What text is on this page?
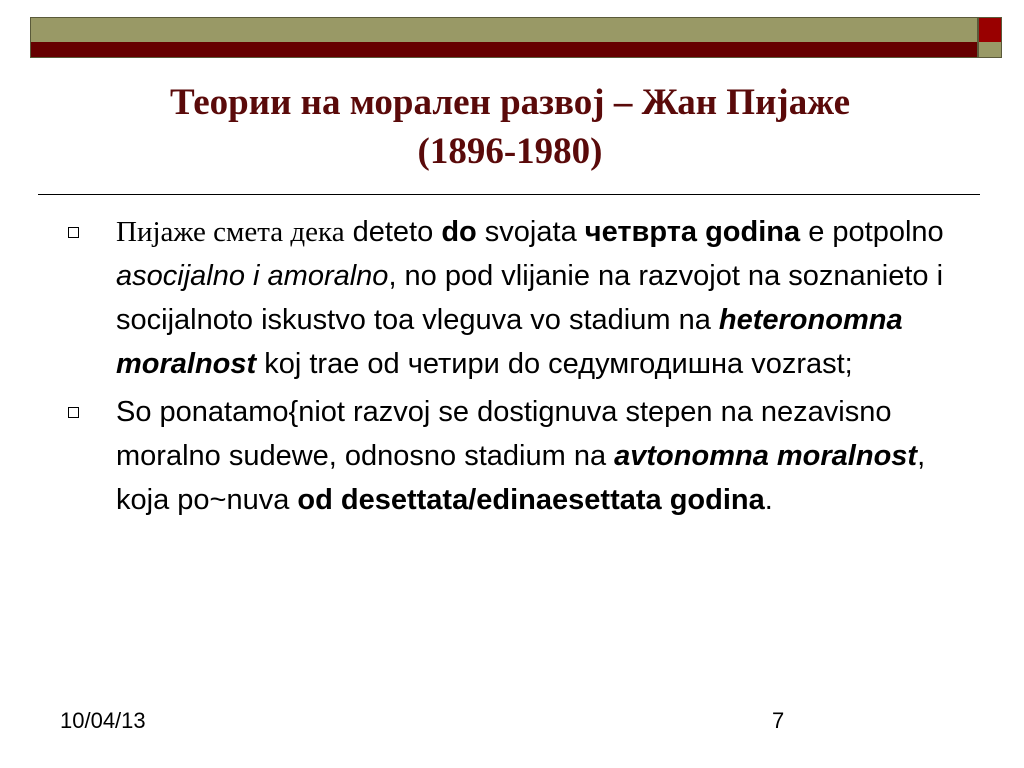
Теории на морален развој – Жан Пијаже
(1896-1980)
Пијаже смета дека deteto do svojata четврта godina e potpolno asocijalno i amoralno, no pod vlijanie na razvojot na soznanieto i socijalnoto iskustvo toa vleguva vo stadium na heteronomna moralnost koj trae od четири do седумгодишна vozrast;
So ponatamo{niot razvoj se dostignuva stepen na nezavisno moralno sudewe, odnosno stadium na avtonomna moralnost, koja po~nuva od desettata/edinaesettata godina.
10/04/13	7
